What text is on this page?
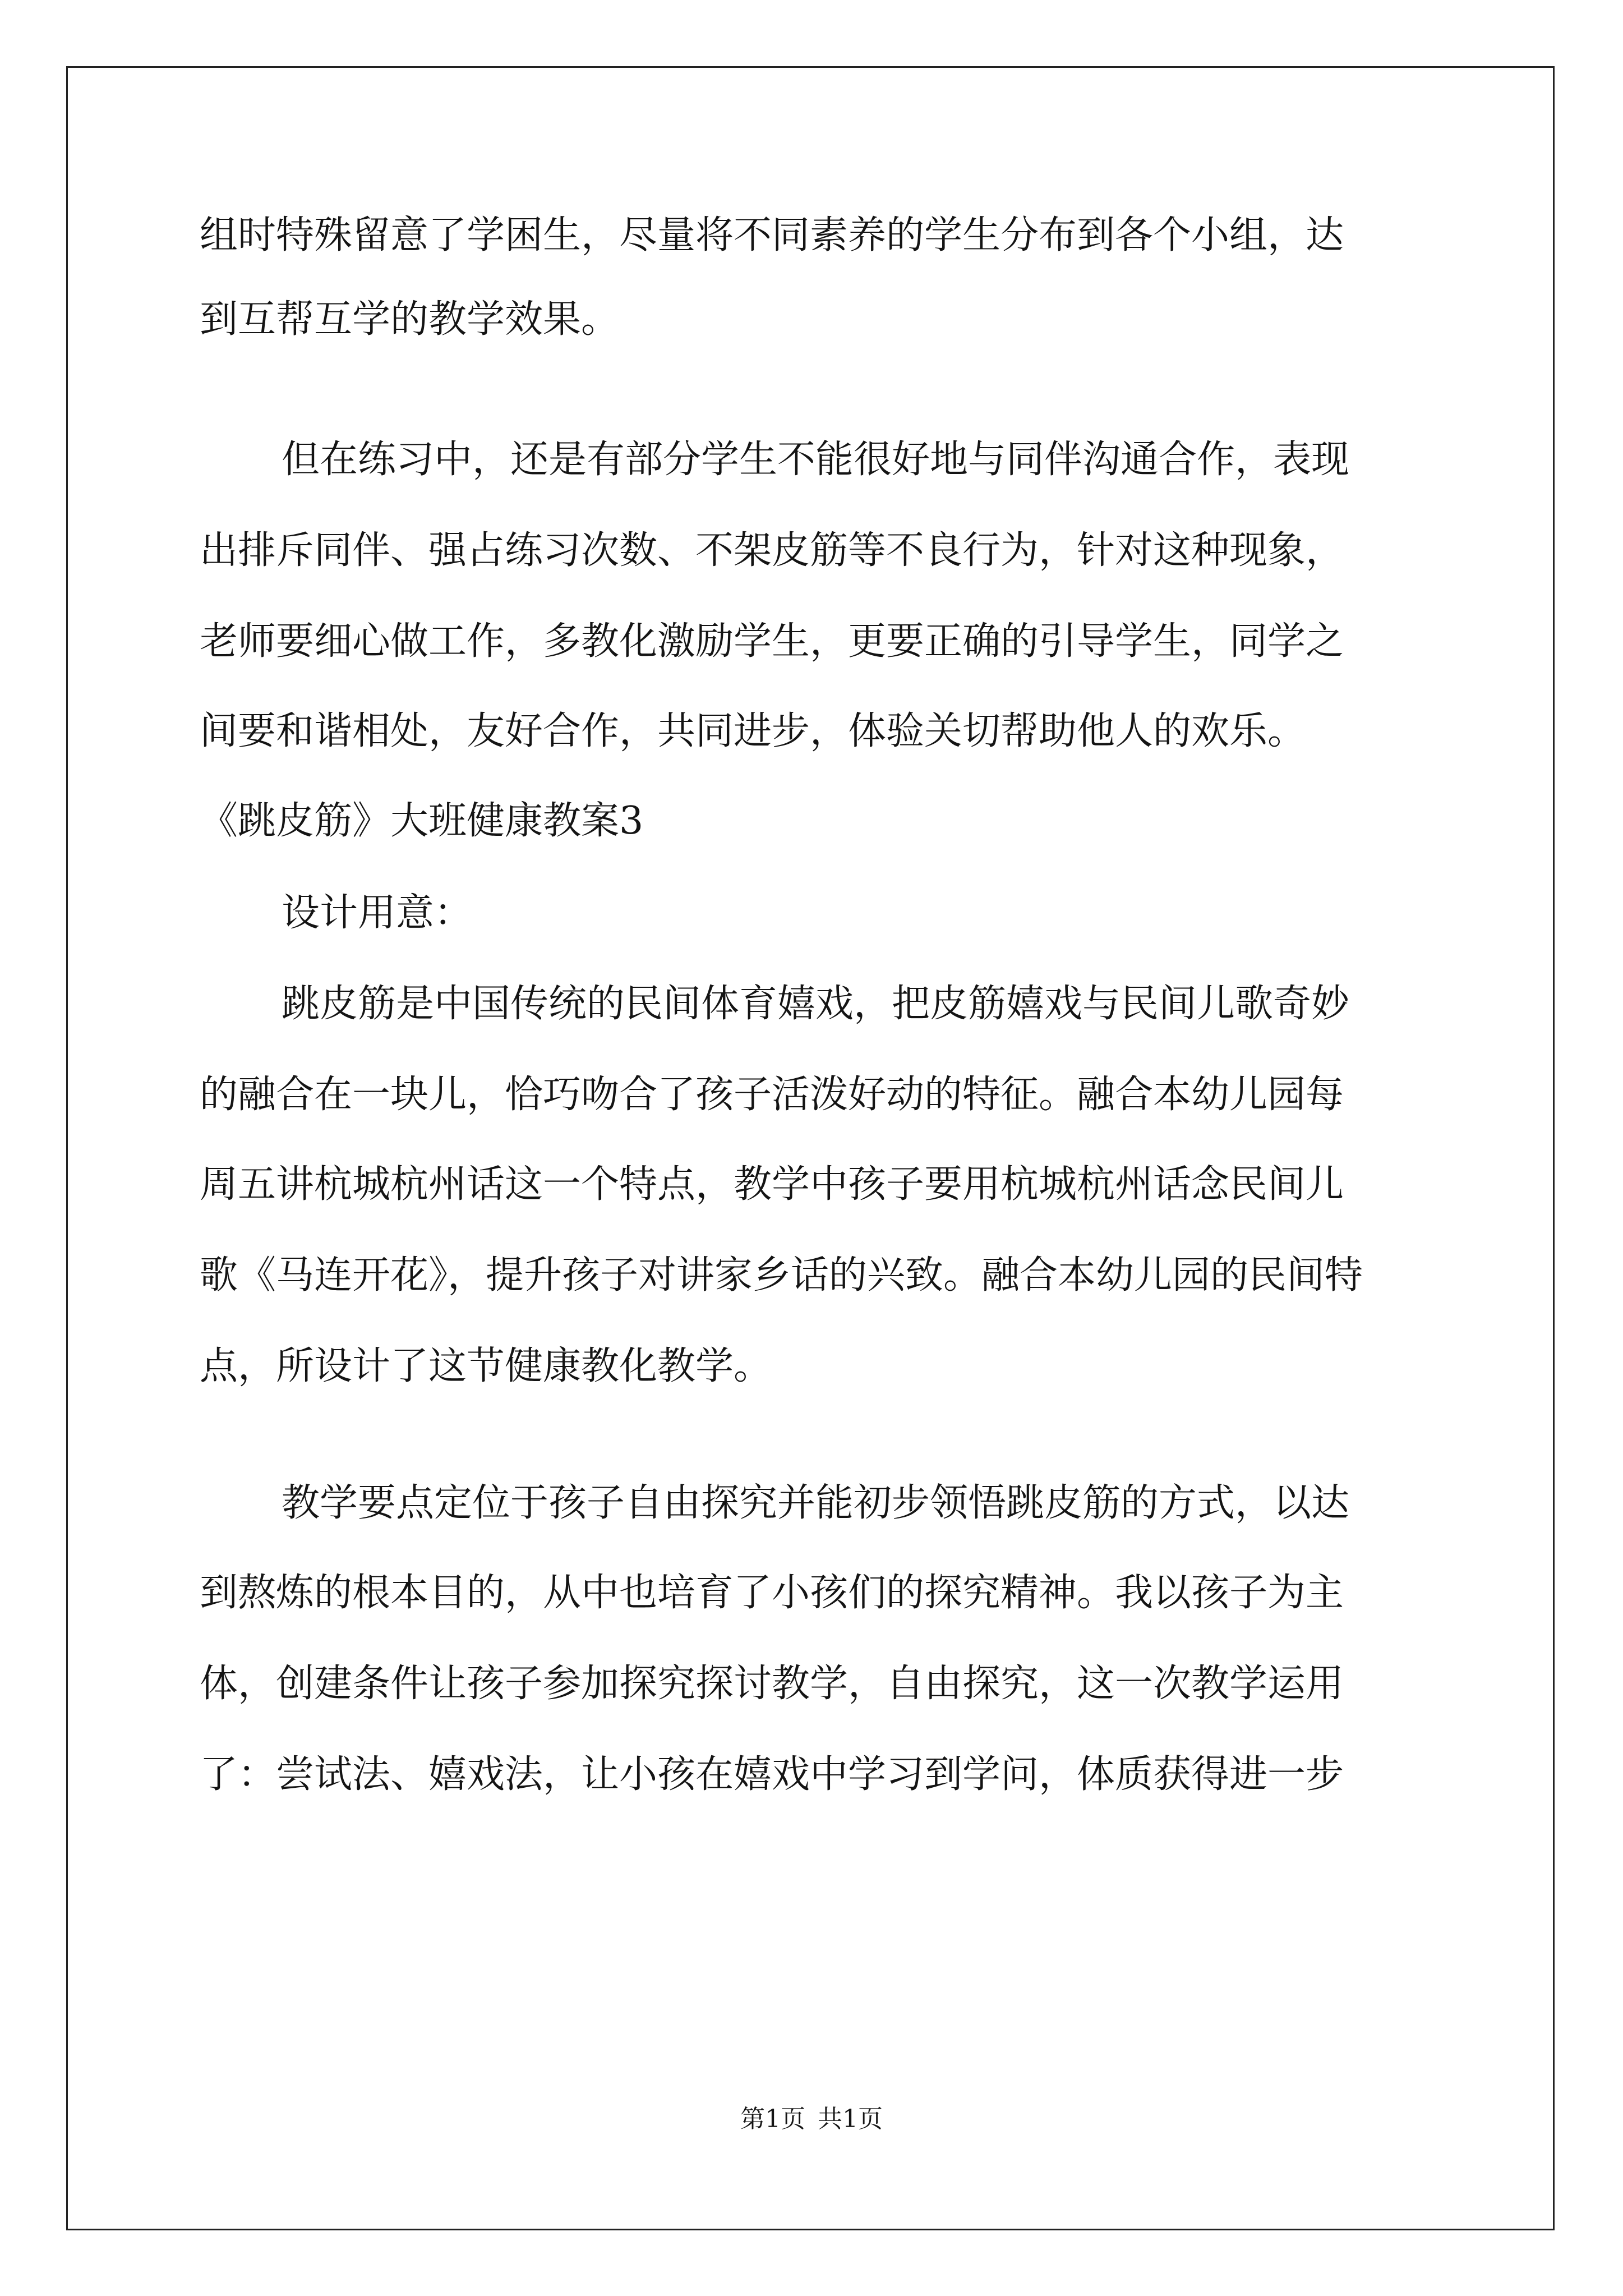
组时特殊留意了学困生，尽量将不同素养的学生分布到各个小组，达
到互帮互学的教学效果。
但在练习中，还是有部分学生不能很好地与同伴沟通合作，表现
出排斥同伴、强占练习次数、不架皮筋等不良行为，针对这种现象，
老师要细心做工作，多教化激励学生，更要正确的引导学生，同学之
间要和谐相处，友好合作，共同进步，体验关切帮助他人的欢乐。
《跳皮筋》大班健康教案3
设计用意：
跳皮筋是中国传统的民间体育嬉戏，把皮筋嬉戏与民间儿歌奇妙
的融合在一块儿，恰巧吻合了孩子活泼好动的特征。融合本幼儿园每
周五讲杭城杭州话这一个特点，教学中孩子要用杭城杭州话念民间儿
歌《马连开花》，提升孩子对讲家乡话的兴致。融合本幼儿园的民间特
点，所设计了这节健康教化教学。
教学要点定位于孩子自由探究并能初步领悟跳皮筋的方式，以达
到熬炼的根本目的，从中也培育了小孩们的探究精神。我以孩子为主
体，创建条件让孩子参加探究探讨教学，自由探究，这一次教学运用
了：尝试法、嬉戏法，让小孩在嬉戏中学习到学问，体质获得进一步
第1页 共1页
